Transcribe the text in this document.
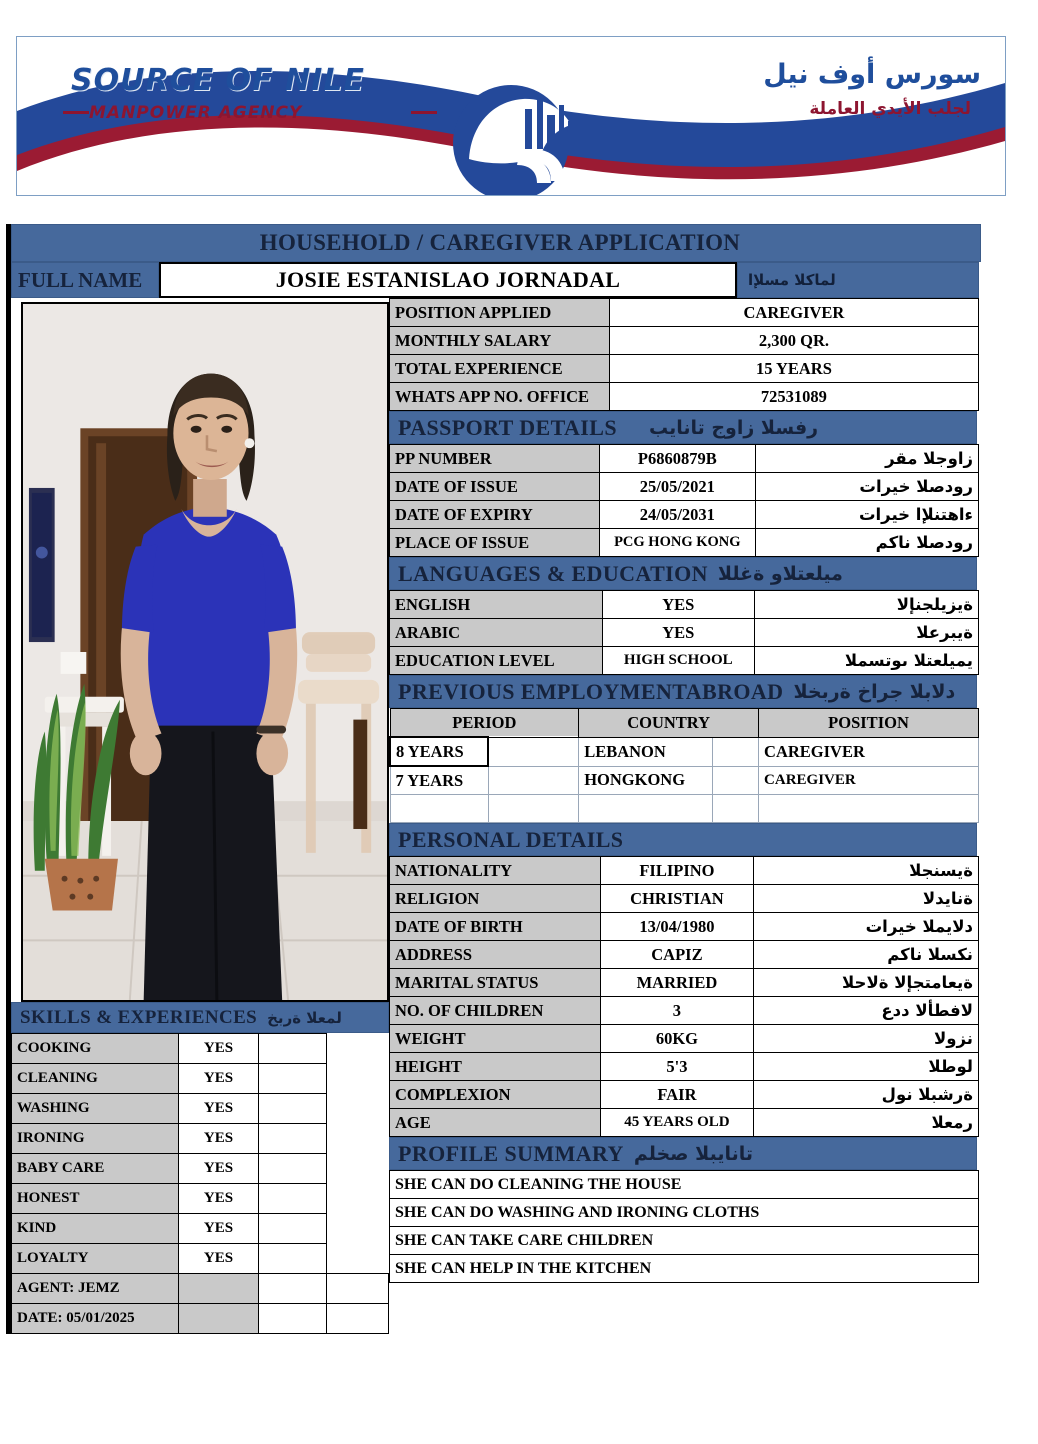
SOURCE OF NILE
MANPOWER AGENCY
سورس أوف نيل
لجلب الأيدي العاملة
HOUSEHOLD / CAREGIVER APPLICATION
FULL NAME	JOSIE ESTANISLAO JORNADAL	لماكلا مسلإا
SKILLS & EXPERIENCES لمعلا ةربخ
COOKING	YES		
CLEANING	YES		
WASHING	YES		
IRONING	YES		
BABY CARE	YES		
HONEST	YES		
KIND	YES		
LOYALTY	YES		
AGENT: JEMZ			
DATE: 05/01/2025			
POSITION APPLIED	CAREGIVER
MONTHLY SALARY	2,300 QR.
TOTAL EXPERIENCE	15 YEARS
WHATS APP NO. OFFICE	72531089
PASSPORT DETAILS	رفسلا زاوج تانايب
PP NUMBER	P6860879B	زاوجلا مقر
DATE OF ISSUE	25/05/2021	رودصلا خيرات
DATE OF EXPIRY	24/05/2031	ءاهتنلإا خيرات
PLACE OF ISSUE	PCG HONG KONG	رودصلا ناكم
LANGUAGES & EDUCATION ميلعتلاو ةغللا
ENGLISH	YES	ةيزيلجنإلا
ARABIC	YES	ةيبرعلا
EDUCATION LEVEL	HIGH SCHOOL	يميلعتلا ىوتسملا
PREVIOUS EMPLOYMENTABROAD دلابلا جراخ ةربخلا
PERIOD		COUNTRY		POSITION
8 YEARS		LEBANON		CAREGIVER
7 YEARS		HONGKONG		CAREGIVER

PERSONAL DETAILS
NATIONALITY	FILIPINO	ةيسنجلا
RELIGION	CHRISTIAN	ةنايدلا
DATE OF BIRTH	13/04/1980	دلايملا خيرات
ADDRESS	CAPIZ	نكسلا ناكم
MARITAL STATUS	MARRIED	ةيعامتجإلا ةلاحلا
NO. OF CHILDREN	3	لافطألا ددع
WEIGHT	60KG	نزولا
HEIGHT	5'3	لوطلا
COMPLEXION	FAIR	ةرشبلا نول
AGE	45 YEARS OLD	رمعلا
PROFILE SUMMARY تانايبلا صخلم
SHE CAN DO CLEANING THE HOUSE
SHE CAN DO WASHING AND IRONING CLOTHS
SHE CAN TAKE CARE CHILDREN
SHE CAN HELP IN THE KITCHEN
